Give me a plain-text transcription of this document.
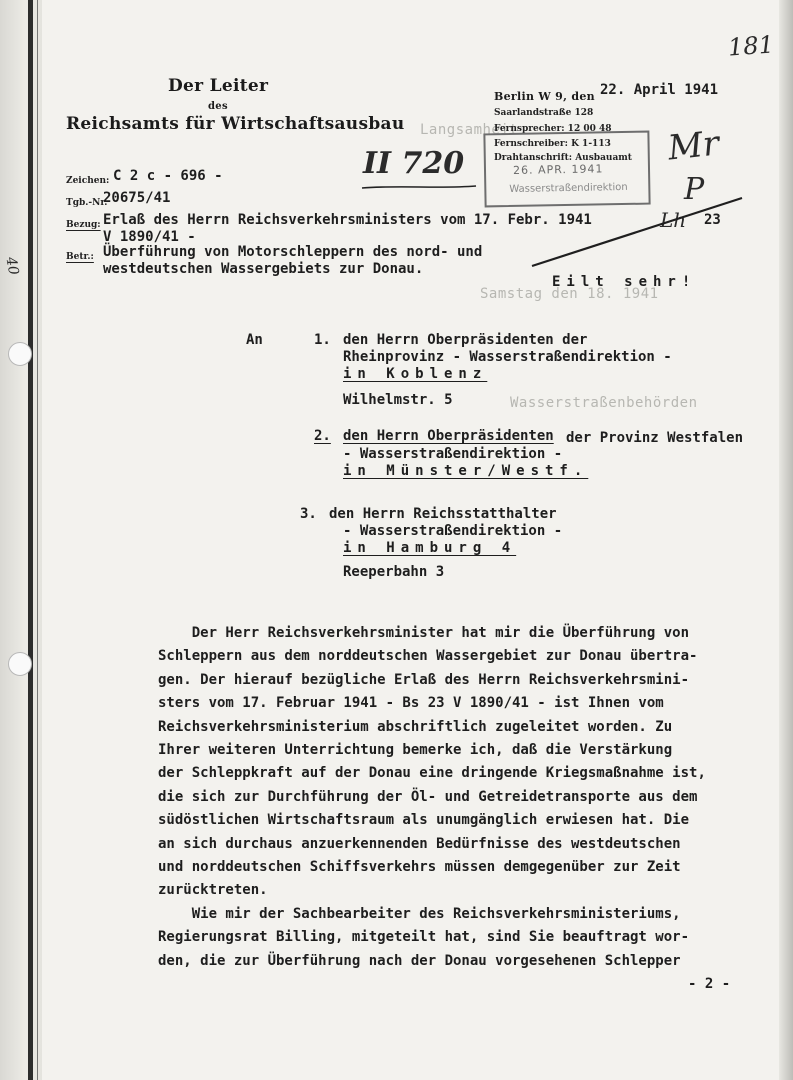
Langsamheit
Samstag den 18. 1941
Wasserstraßenbehörden
40
181
Der Leiter
des
Reichsamts für Wirtschaftsausbau
Berlin W 9, den 22. April 1941
Saarlandstraße 128
Fernsprecher: 12 00 48
Fernschreiber: K 1-113
Drahtanschrift: Ausbauamt
26. APR. 1941
Wasserstraßendirektion
Mr
P
Lh
Zeichen: C 2 c - 696 -
Tgb.-Nr.
20675/41
II 720
Bezug: Erlaß des Herrn Reichsverkehrsministers vom 17. Febr. 1941	23
V 1890/41 -
Betr.: Überführung von Motorschleppern des nord- und
westdeutschen Wassergebiets zur Donau.
Eilt sehr!
An	1. den Herrn Oberpräsidenten der
Rheinprovinz - Wasserstraßendirektion -
in Koblenz
Wilhelmstr. 5
2. den Herrn Oberpräsidenten der Provinz Westfalen
- Wasserstraßendirektion -
in Münster/Westf.
3. den Herrn Reichsstatthalter
- Wasserstraßendirektion -
in Hamburg 4
Reeperbahn 3
Der Herr Reichsverkehrsminister hat mir die Überführung von
Schleppern aus dem norddeutschen Wassergebiet zur Donau übertra-
gen. Der hierauf bezügliche Erlaß des Herrn Reichsverkehrsmini-
sters vom 17. Februar 1941 - Bs 23 V 1890/41 - ist Ihnen vom
Reichsverkehrsministerium abschriftlich zugeleitet worden. Zu
Ihrer weiteren Unterrichtung bemerke ich, daß die Verstärkung
der Schleppkraft auf der Donau eine dringende Kriegsmaßnahme ist,
die sich zur Durchführung der Öl- und Getreidetransporte aus dem
südöstlichen Wirtschaftsraum als unumgänglich erwiesen hat. Die
an sich durchaus anzuerkennenden Bedürfnisse des westdeutschen
und norddeutschen Schiffsverkehrs müssen demgegenüber zur Zeit
zurücktreten.
Wie mir der Sachbearbeiter des Reichsverkehrsministeriums,
Regierungsrat Billing, mitgeteilt hat, sind Sie beauftragt wor-
den, die zur Überführung nach der Donau vorgesehenen Schlepper
- 2 -
